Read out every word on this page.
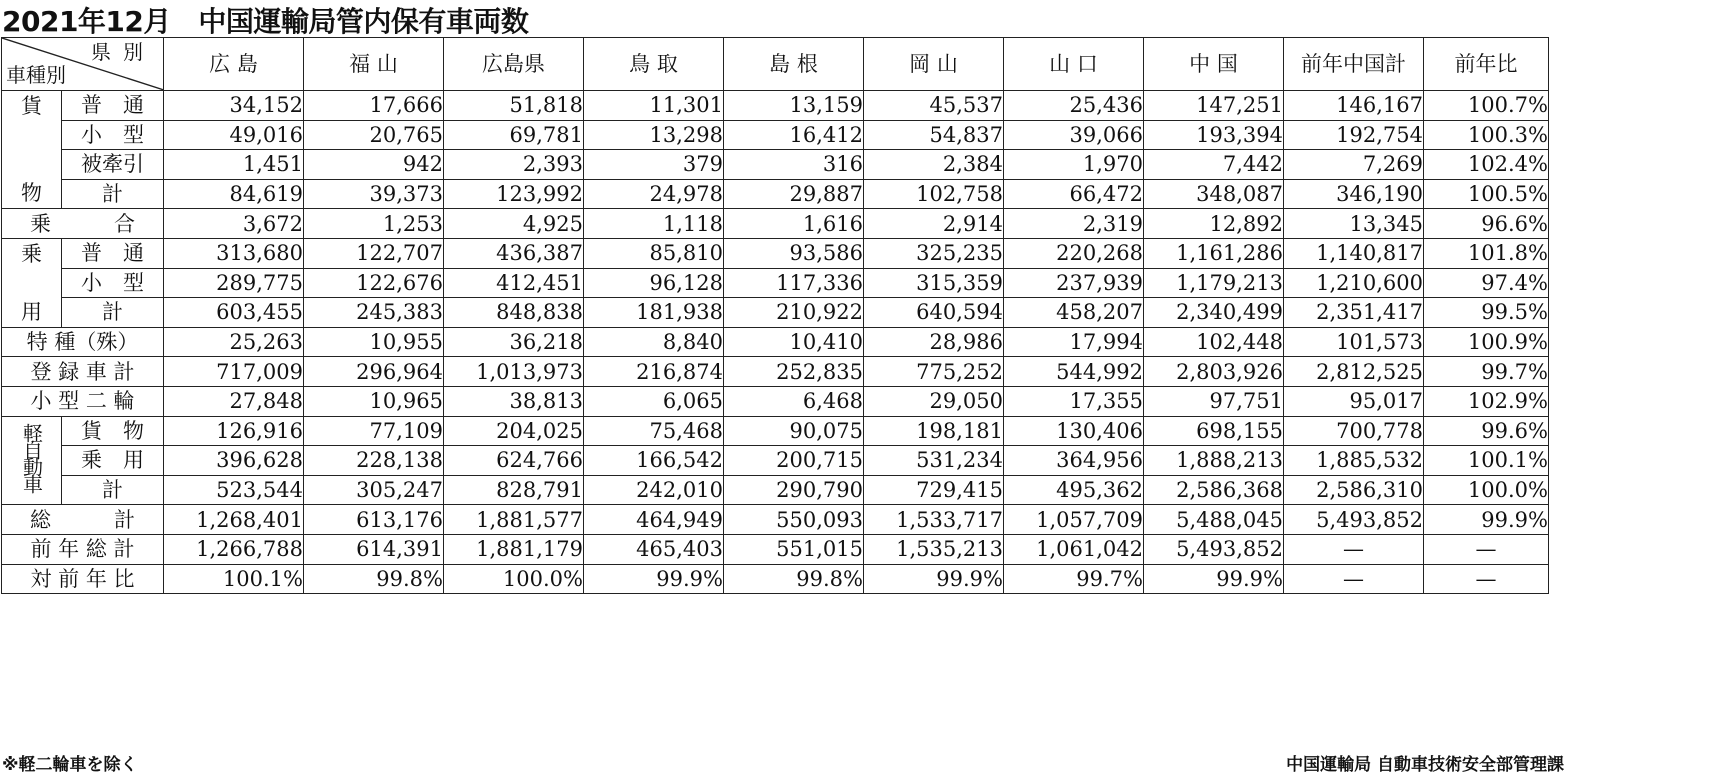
2021年12月　中国運輸局管内保有車両数
県別
車種別		広 島	福 山	広島県	鳥 取	島 根	岡 山	山 口	中 国	前年中国計	前年比

貨
物	普　通	34,152	17,666	51,818	11,301	13,159	45,537	25,436	147,251	146,167	100.7%
	小　型	49,016	20,765	69,781	13,298	16,412	54,837	39,066	193,394	192,754	100.3%
	被牽引	1,451	942	2,393	379	316	2,384	1,970	7,442	7,269	102.4%
	計	84,619	39,373	123,992	24,978	29,887	102,758	66,472	348,087	346,190	100.5%
乗　　　合		3,672	1,253	4,925	1,118	1,616	2,914	2,319	12,892	13,345	96.6%

乗
用	普　通	313,680	122,707	436,387	85,810	93,586	325,235	220,268	1,161,286	1,140,817	101.8%
	小　型	289,775	122,676	412,451	96,128	117,336	315,359	237,939	1,179,213	1,210,600	97.4%
	計	603,455	245,383	848,838	181,938	210,922	640,594	458,207	2,340,499	2,351,417	99.5%
特 種（殊）		25,263	10,955	36,218	8,840	10,410	28,986	17,994	102,448	101,573	100.9%
登 録 車 計		717,009	296,964	1,013,973	216,874	252,835	775,252	544,992	2,803,926	2,812,525	99.7%
小 型 二 輪		27,848	10,965	38,813	6,065	6,468	29,050	17,355	97,751	95,017	102.9%
軽自動車	貨　物	126,916	77,109	204,025	75,468	90,075	198,181	130,406	698,155	700,778	99.6%
	乗　用	396,628	228,138	624,766	166,542	200,715	531,234	364,956	1,888,213	1,885,532	100.1%
	計	523,544	305,247	828,791	242,010	290,790	729,415	495,362	2,586,368	2,586,310	100.0%
総　　　計		1,268,401	613,176	1,881,577	464,949	550,093	1,533,717	1,057,709	5,488,045	5,493,852	99.9%
前 年 総 計		1,266,788	614,391	1,881,179	465,403	551,015	1,535,213	1,061,042	5,493,852	—	—
対 前 年 比		100.1%	99.8%	100.0%	99.9%	99.8%	99.9%	99.7%	99.9%	—	—
※軽二輪車を除く	中国運輸局 自動車技術安全部管理課
